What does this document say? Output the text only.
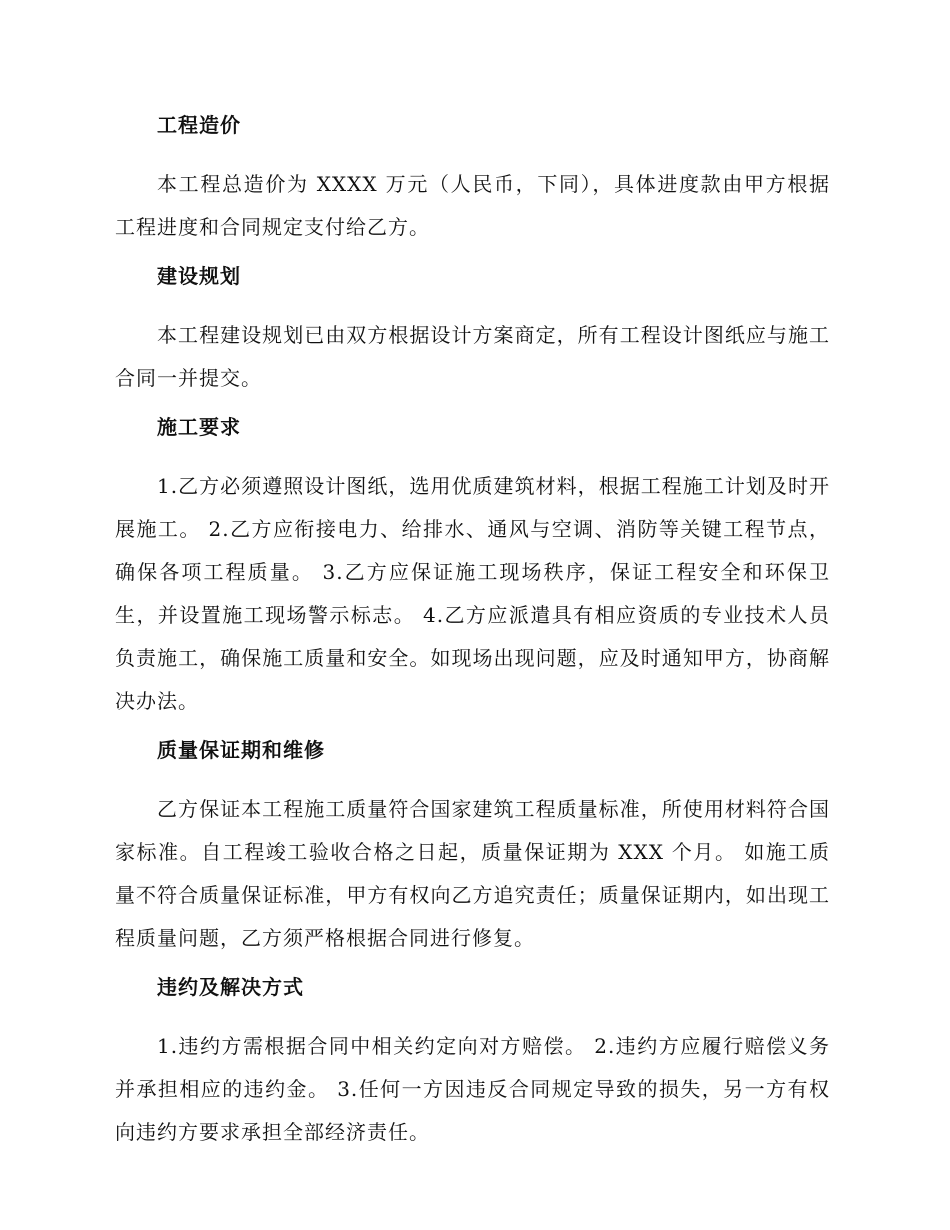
工程造价

本工程总造价为 XXXX 万元（人民币，下同），具体进度款由甲方根据工程进度和合同规定支付给乙方。

建设规划

本工程建设规划已由双方根据设计方案商定，所有工程设计图纸应与施工合同一并提交。

施工要求

1.乙方必须遵照设计图纸，选用优质建筑材料，根据工程施工计划及时开展施工。 2.乙方应衔接电力、给排水、通风与空调、消防等关键工程节点，确保各项工程质量。 3.乙方应保证施工现场秩序，保证工程安全和环保卫生，并设置施工现场警示标志。 4.乙方应派遣具有相应资质的专业技术人员负责施工，确保施工质量和安全。如现场出现问题，应及时通知甲方，协商解决办法。

质量保证期和维修

乙方保证本工程施工质量符合国家建筑工程质量标准，所使用材料符合国家标准。自工程竣工验收合格之日起，质量保证期为 XXX 个月。 如施工质量不符合质量保证标准，甲方有权向乙方追究责任；质量保证期内，如出现工程质量问题，乙方须严格根据合同进行修复。

违约及解决方式

1.违约方需根据合同中相关约定向对方赔偿。 2.违约方应履行赔偿义务并承担相应的违约金。 3.任何一方因违反合同规定导致的损失，另一方有权向违约方要求承担全部经济责任。
